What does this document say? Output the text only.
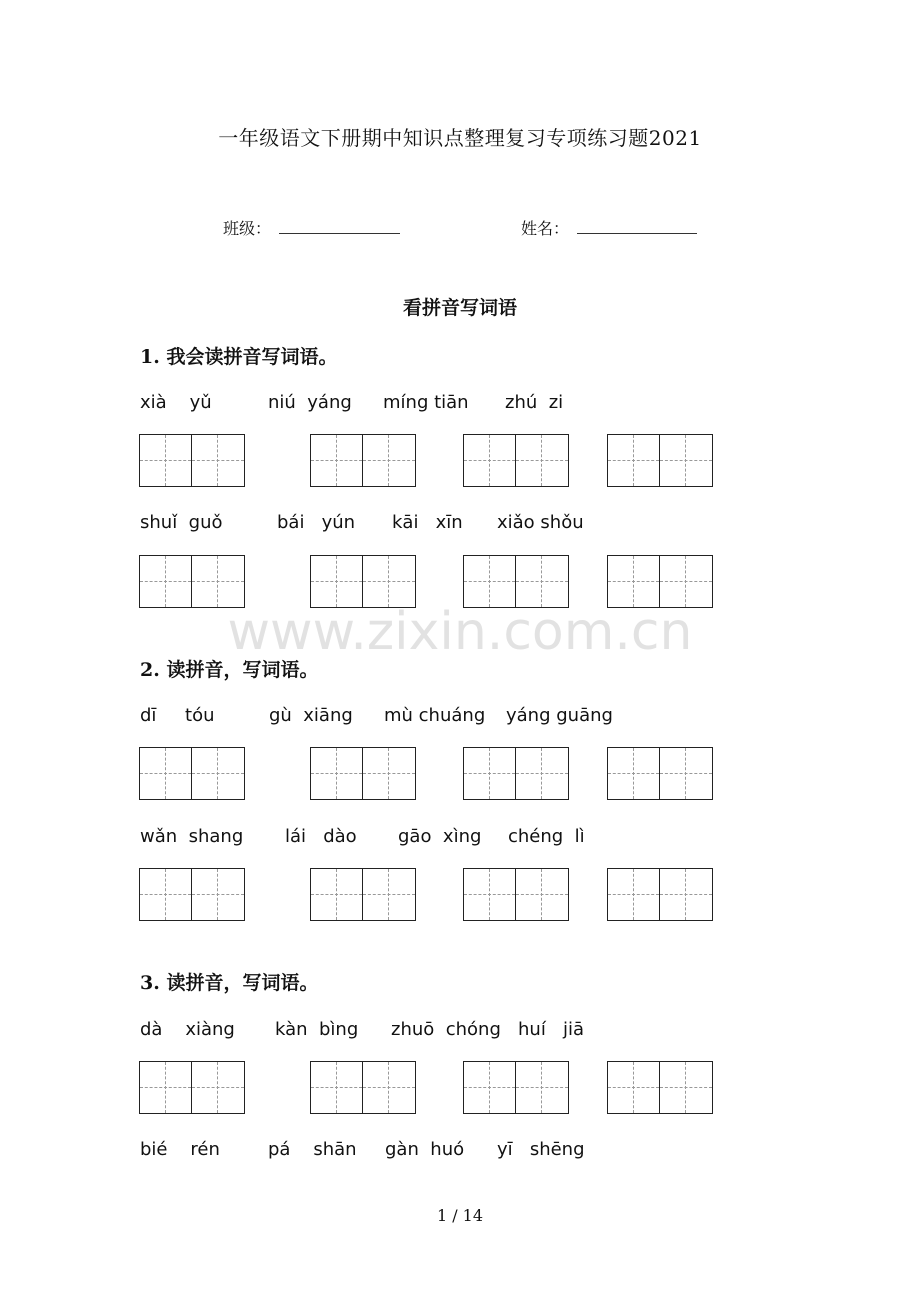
一年级语文下册期中知识点整理复习专项练习题2021
班级：	姓名：
看拼音写词语
1. 我会读拼音写词语。
xià    yǔ	niú  yáng míng tiān zhú  zi
shuǐ  guǒ	bái   yún kāi   xīn xiǎo shǒu
www.zixin.com.cn
2. 读拼音，写词语。
dī     tóu	gù  xiāng mù chuáng yáng guāng
wǎn  shang lái   dào gāo  xìng chéng  lì
3. 读拼音，写词语。
dà    xiàng kàn  bìng zhuō  chóng huí   jiā
bié    rén	pá    shān gàn  huó yī   shēng
1 / 14
